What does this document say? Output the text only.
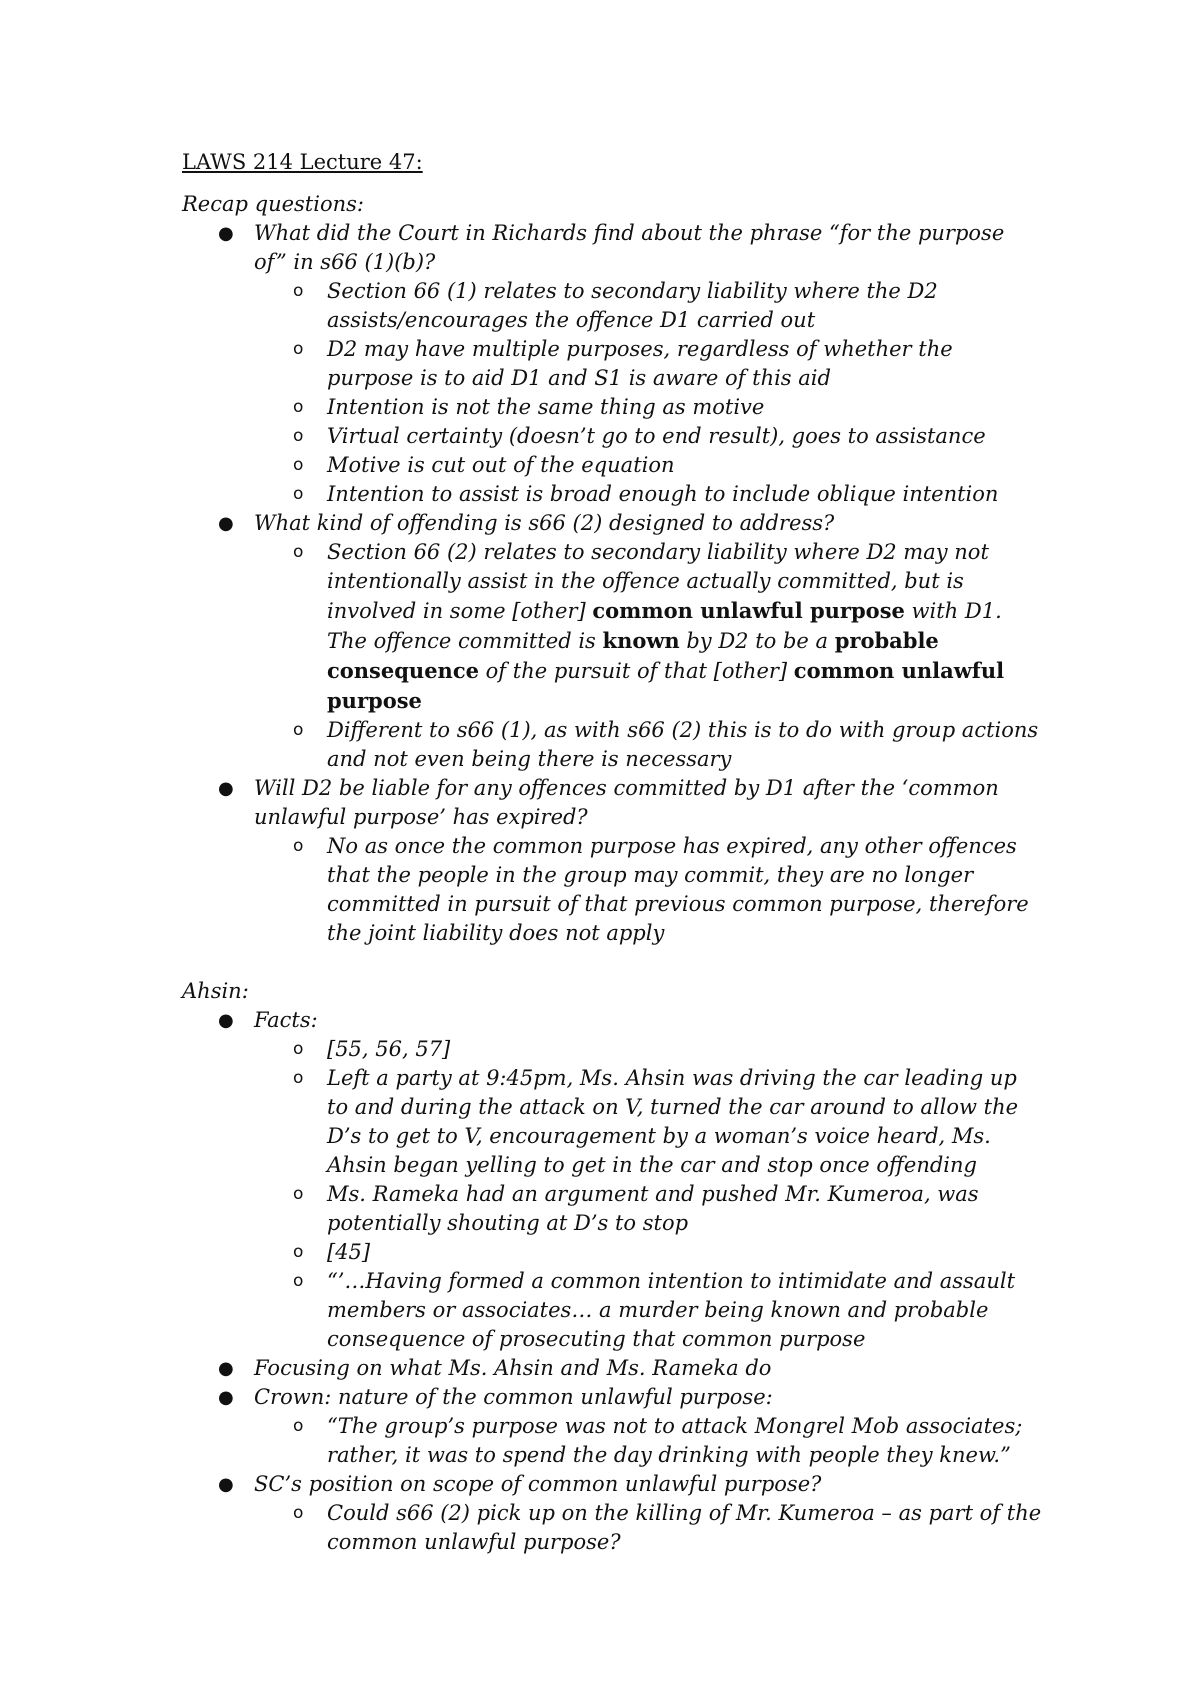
LAWS 214 Lecture 47:
Recap questions:
● What did the Court in Richards find about the phrase “for the purpose of” in s66 (1)(b)?
o Section 66 (1) relates to secondary liability where the D2 assists/encourages the offence D1 carried out
o D2 may have multiple purposes, regardless of whether the purpose is to aid D1 and S1 is aware of this aid
o Intention is not the same thing as motive
o Virtual certainty (doesn’t go to end result), goes to assistance
o Motive is cut out of the equation
o Intention to assist is broad enough to include oblique intention
● What kind of offending is s66 (2) designed to address?
o Section 66 (2) relates to secondary liability where D2 may not intentionally assist in the offence actually committed, but is involved in some [other] common unlawful purpose with D1. The offence committed is known by D2 to be a probable consequence of the pursuit of that [other] common unlawful purpose
o Different to s66 (1), as with s66 (2) this is to do with group actions and not even being there is necessary
● Will D2 be liable for any offences committed by D1 after the ‘common unlawful purpose’ has expired?
o No as once the common purpose has expired, any other offences that the people in the group may commit, they are no longer committed in pursuit of that previous common purpose, therefore the joint liability does not apply
Ahsin:
● Facts:
o [55, 56, 57]
o Left a party at 9:45pm, Ms. Ahsin was driving the car leading up to and during the attack on V, turned the car around to allow the D’s to get to V, encouragement by a woman’s voice heard, Ms. Ahsin began yelling to get in the car and stop once offending
o Ms. Rameka had an argument and pushed Mr. Kumeroa, was potentially shouting at D’s to stop
o [45]
o “’…Having formed a common intention to intimidate and assault members or associates… a murder being known and probable consequence of prosecuting that common purpose
● Focusing on what Ms. Ahsin and Ms. Rameka do
● Crown: nature of the common unlawful purpose:
o “The group’s purpose was not to attack Mongrel Mob associates; rather, it was to spend the day drinking with people they knew.”
● SC’s position on scope of common unlawful purpose?
o Could s66 (2) pick up on the killing of Mr. Kumeroa – as part of the common unlawful purpose?
